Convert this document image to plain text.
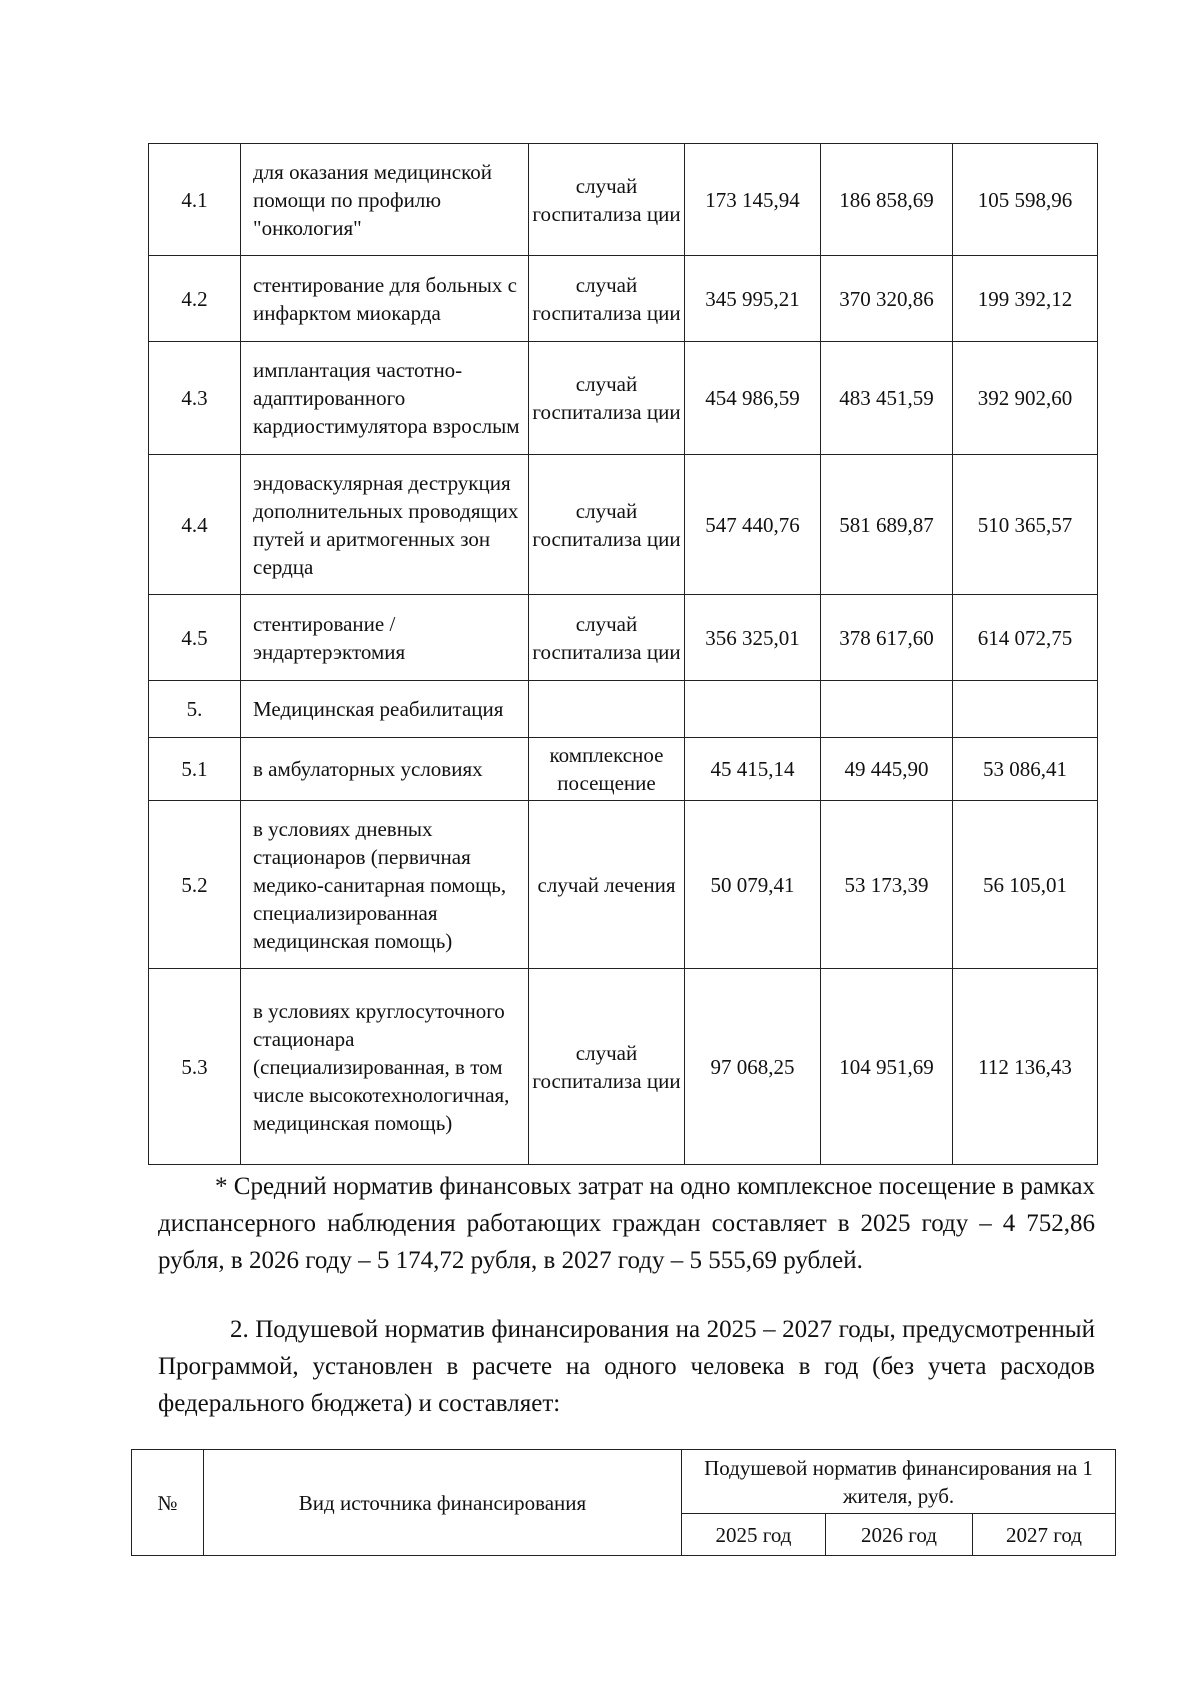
4.1	для оказания медицинской помощи по профилю "онкология"	случай госпитализа ции	173 145,94	186 858,69	105 598,96
4.2	стентирование для больных с инфарктом миокарда	случай госпитализа ции	345 995,21	370 320,86	199 392,12
4.3	имплантация частотно-адаптированного кардиостимулятора взрослым	случай госпитализа ции	454 986,59	483 451,59	392 902,60
4.4	эндоваскулярная деструкция дополнительных проводящих путей и аритмогенных зон сердца	случай госпитализа ции	547 440,76	581 689,87	510 365,57
4.5	стентирование / эндартерэктомия	случай госпитализа ции	356 325,01	378 617,60	614 072,75
5.	Медицинская реабилитация				
5.1	в амбулаторных условиях	комплексное посещение	45 415,14	49 445,90	53 086,41
5.2	в условиях дневных стационаров (первичная медико-санитарная помощь, специализированная медицинская помощь)	случай лечения	50 079,41	53 173,39	56 105,01
5.3	в условиях круглосуточного стационара (специализированная, в том числе высокотехнологичная, медицинская помощь)	случай госпитализа ции	97 068,25	104 951,69	112 136,43

* Средний норматив финансовых затрат на одно комплексное посещение в рамках диспансерного наблюдения работающих граждан составляет в 2025 году – 4 752,86 рубля, в 2026 году – 5 174,72 рубля, в 2027 году – 5 555,69 рублей.

2. Подушевой норматив финансирования на 2025 – 2027 годы, предусмотренный Программой, установлен в расчете на одного человека в год (без учета расходов федерального бюджета) и составляет:

№	Вид источника финансирования	Подушевой норматив финансирования на 1 жителя, руб.		
		2025 год	2026 год	2027 год
